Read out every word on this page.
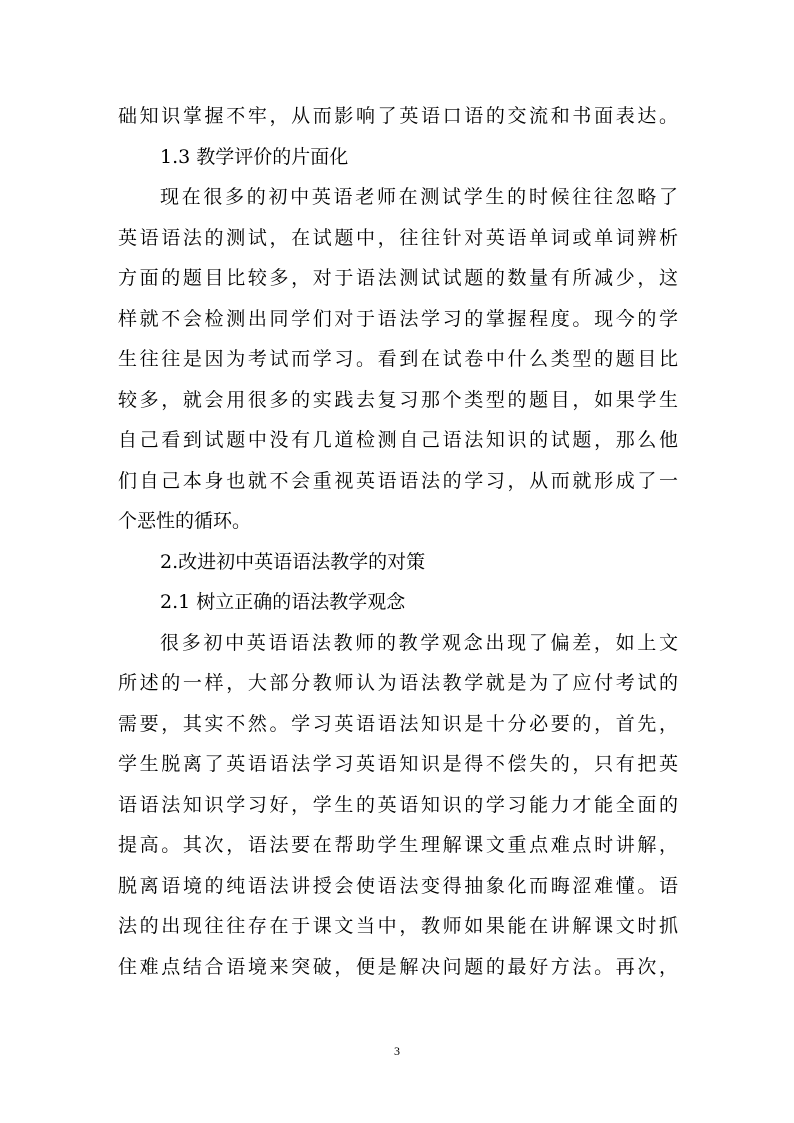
础知识掌握不牢，从而影响了英语口语的交流和书面表达。
1.3 教学评价的片面化
现在很多的初中英语老师在测试学生的时候往往忽略了
英语语法的测试，在试题中，往往针对英语单词或单词辨析
方面的题目比较多，对于语法测试试题的数量有所减少，这
样就不会检测出同学们对于语法学习的掌握程度。现今的学
生往往是因为考试而学习。看到在试卷中什么类型的题目比
较多，就会用很多的实践去复习那个类型的题目，如果学生
自己看到试题中没有几道检测自己语法知识的试题，那么他
们自己本身也就不会重视英语语法的学习，从而就形成了一
个恶性的循环。
2.改进初中英语语法教学的对策
2.1 树立正确的语法教学观念
很多初中英语语法教师的教学观念出现了偏差，如上文
所述的一样，大部分教师认为语法教学就是为了应付考试的
需要，其实不然。学习英语语法知识是十分必要的，首先，
学生脱离了英语语法学习英语知识是得不偿失的，只有把英
语语法知识学习好，学生的英语知识的学习能力才能全面的
提高。其次，语法要在帮助学生理解课文重点难点时讲解，
脱离语境的纯语法讲授会使语法变得抽象化而晦涩难懂。语
法的出现往往存在于课文当中，教师如果能在讲解课文时抓
住难点结合语境来突破，便是解决问题的最好方法。再次，
3
